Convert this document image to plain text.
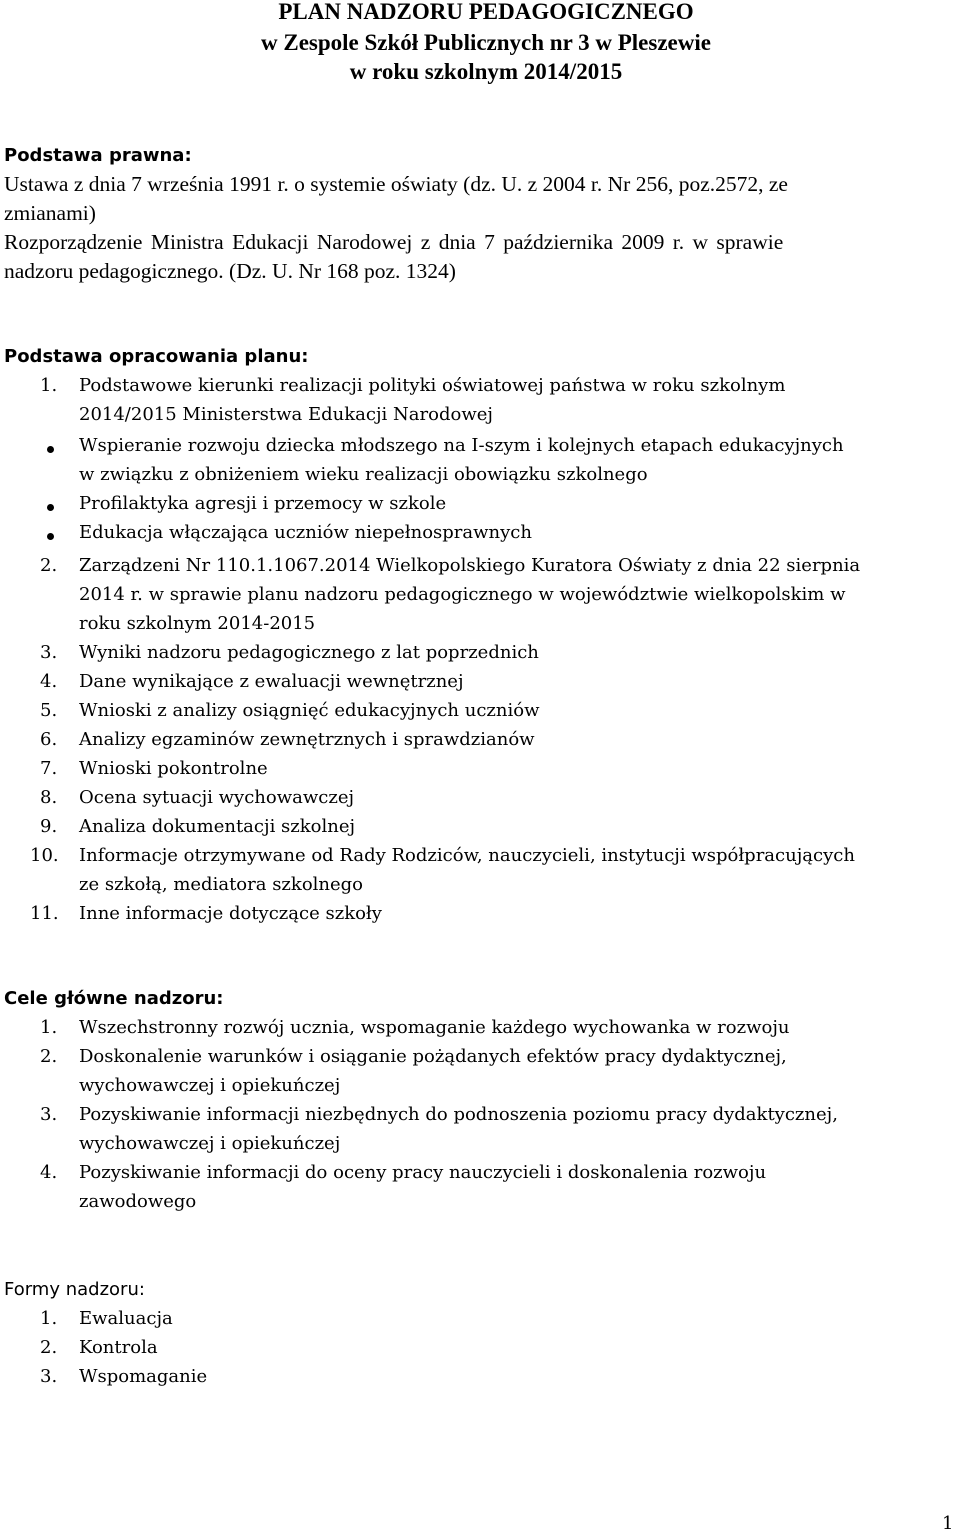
PLAN NADZORU PEDAGOGICZNEGO
w Zespole Szkół Publicznych nr 3 w Pleszewie
w roku szkolnym 2014/2015
Podstawa prawna:
Ustawa z dnia 7 września 1991 r. o systemie oświaty (dz. U. z 2004 r. Nr 256, poz.2572, ze
zmianami)
Rozporządzenie Ministra Edukacji Narodowej z dnia 7 października 2009 r. w sprawie
nadzoru pedagogicznego. (Dz. U. Nr 168 poz. 1324)
Podstawa opracowania planu:
1. Podstawowe kierunki realizacji polityki oświatowej państwa w roku szkolnym
2014/2015 Ministerstwa Edukacji Narodowej
Wspieranie rozwoju dziecka młodszego na I-szym i kolejnych etapach edukacyjnych
w związku z obniżeniem wieku realizacji obowiązku szkolnego
Profilaktyka agresji i przemocy w szkole
Edukacja włączająca uczniów niepełnosprawnych
2. Zarządzeni Nr 110.1.1067.2014 Wielkopolskiego Kuratora Oświaty z dnia 22 sierpnia
2014 r. w sprawie planu nadzoru pedagogicznego w województwie wielkopolskim w
roku szkolnym 2014-2015
3. Wyniki nadzoru pedagogicznego z lat poprzednich
4. Dane wynikające z ewaluacji wewnętrznej
5. Wnioski z analizy osiągnięć edukacyjnych uczniów
6. Analizy egzaminów zewnętrznych i sprawdzianów
7. Wnioski pokontrolne
8. Ocena sytuacji wychowawczej
9. Analiza dokumentacji szkolnej
10. Informacje otrzymywane od Rady Rodziców, nauczycieli, instytucji współpracujących
ze szkołą, mediatora szkolnego
11. Inne informacje dotyczące szkoły
Cele główne nadzoru:
1. Wszechstronny rozwój ucznia, wspomaganie każdego wychowanka w rozwoju
2. Doskonalenie warunków i osiąganie pożądanych efektów pracy dydaktycznej,
wychowawczej i opiekuńczej
3. Pozyskiwanie informacji niezbędnych do podnoszenia poziomu pracy dydaktycznej,
wychowawczej i opiekuńczej
4. Pozyskiwanie informacji do oceny pracy nauczycieli i doskonalenia rozwoju
zawodowego
Formy nadzoru:
1. Ewaluacja
2. Kontrola
3. Wspomaganie
1
